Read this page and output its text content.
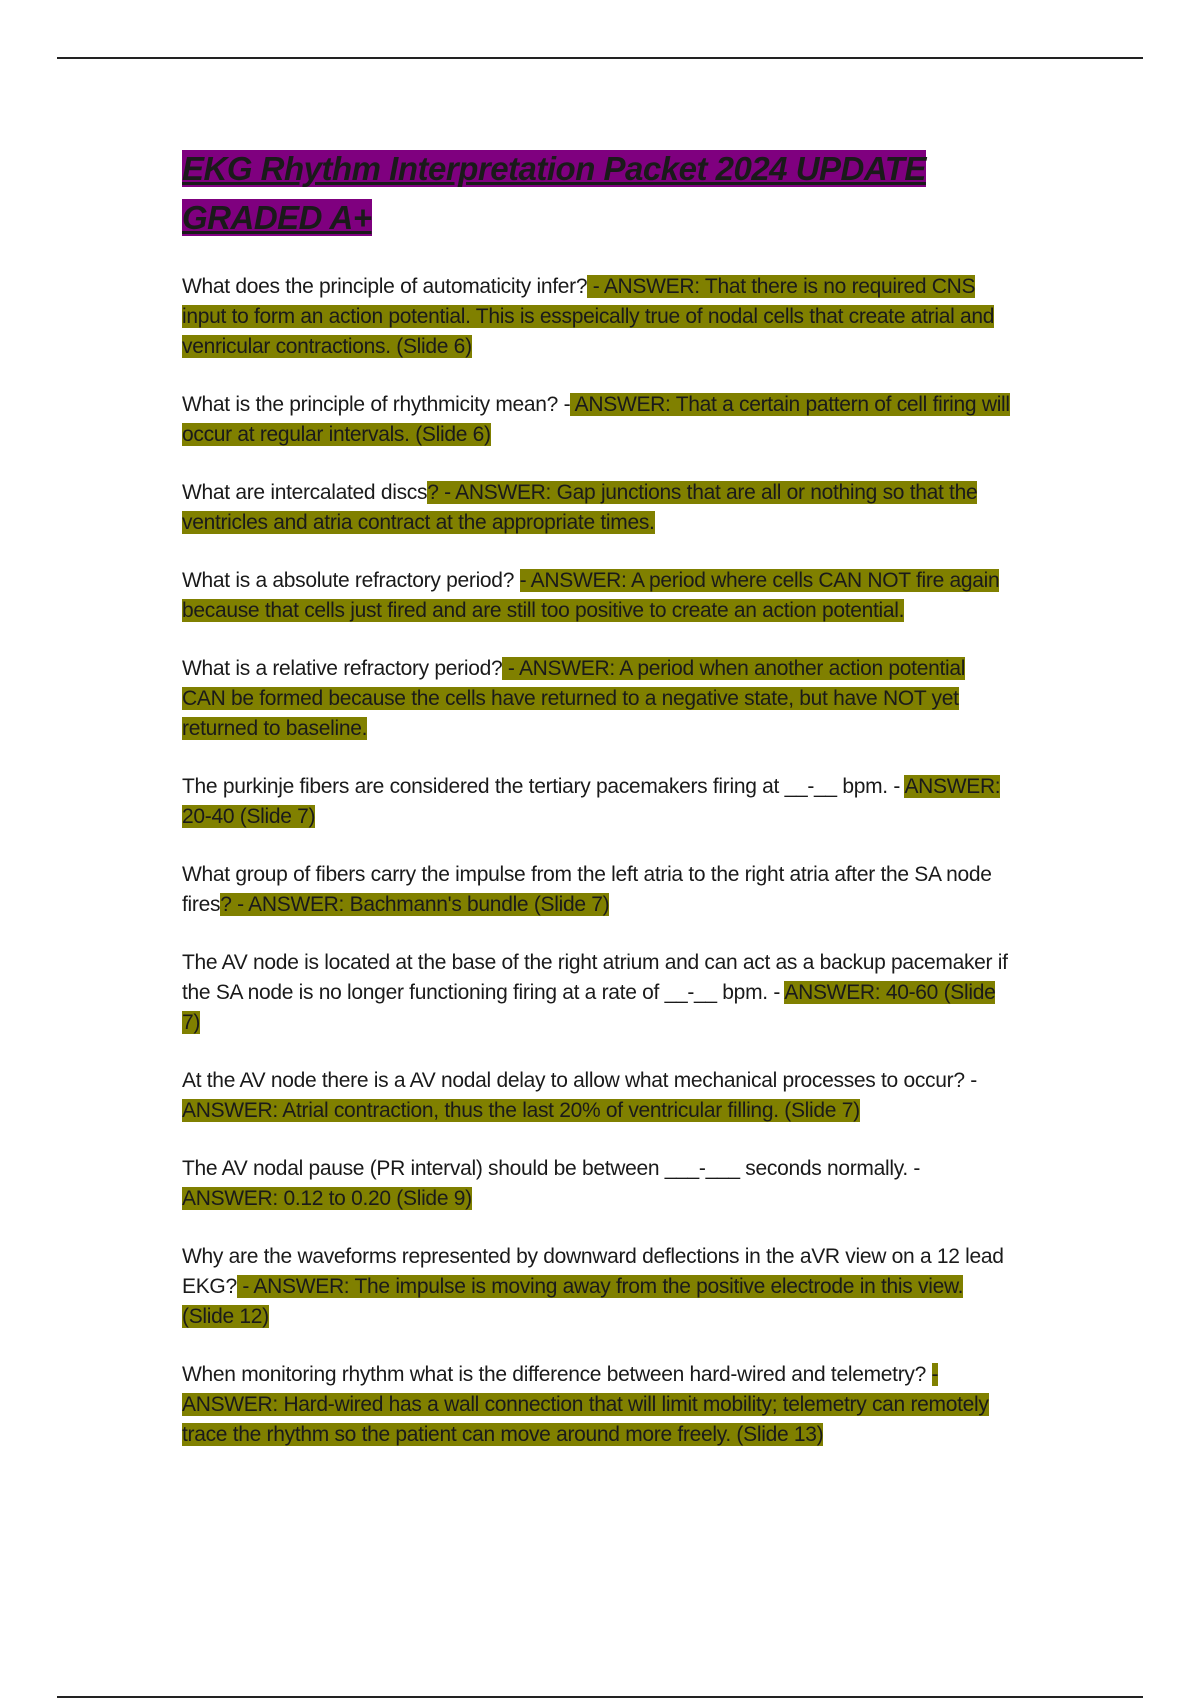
EKG Rhythm Interpretation Packet 2024 UPDATE GRADED A+

What does the principle of automaticity infer? - ANSWER: That there is no required CNS input to form an action potential. This is esspeically true of nodal cells that create atrial and venricular contractions. (Slide 6)

What is the principle of rhythmicity mean? - ANSWER: That a certain pattern of cell firing will occur at regular intervals. (Slide 6)

What are intercalated discs? - ANSWER: Gap junctions that are all or nothing so that the ventricles and atria contract at the appropriate times.

What is a absolute refractory period? - ANSWER: A period where cells CAN NOT fire again because that cells just fired and are still too positive to create an action potential.

What is a relative refractory period? - ANSWER: A period when another action potential CAN be formed because the cells have returned to a negative state, but have NOT yet returned to baseline.

The purkinje fibers are considered the tertiary pacemakers firing at __-__ bpm. - ANSWER: 20-40 (Slide 7)

What group of fibers carry the impulse from the left atria to the right atria after the SA node fires? - ANSWER: Bachmann's bundle (Slide 7)

The AV node is located at the base of the right atrium and can act as a backup pacemaker if the SA node is no longer functioning firing at a rate of __-__ bpm. - ANSWER: 40-60 (Slide 7)

At the AV node there is a AV nodal delay to allow what mechanical processes to occur? - ANSWER: Atrial contraction, thus the last 20% of ventricular filling. (Slide 7)

The AV nodal pause (PR interval) should be between ___-___ seconds normally. - ANSWER: 0.12 to 0.20 (Slide 9)

Why are the waveforms represented by downward deflections in the aVR view on a 12 lead EKG? - ANSWER: The impulse is moving away from the positive electrode in this view. (Slide 12)

When monitoring rhythm what is the difference between hard-wired and telemetry? - ANSWER: Hard-wired has a wall connection that will limit mobility; telemetry can remotely trace the rhythm so the patient can move around more freely. (Slide 13)
